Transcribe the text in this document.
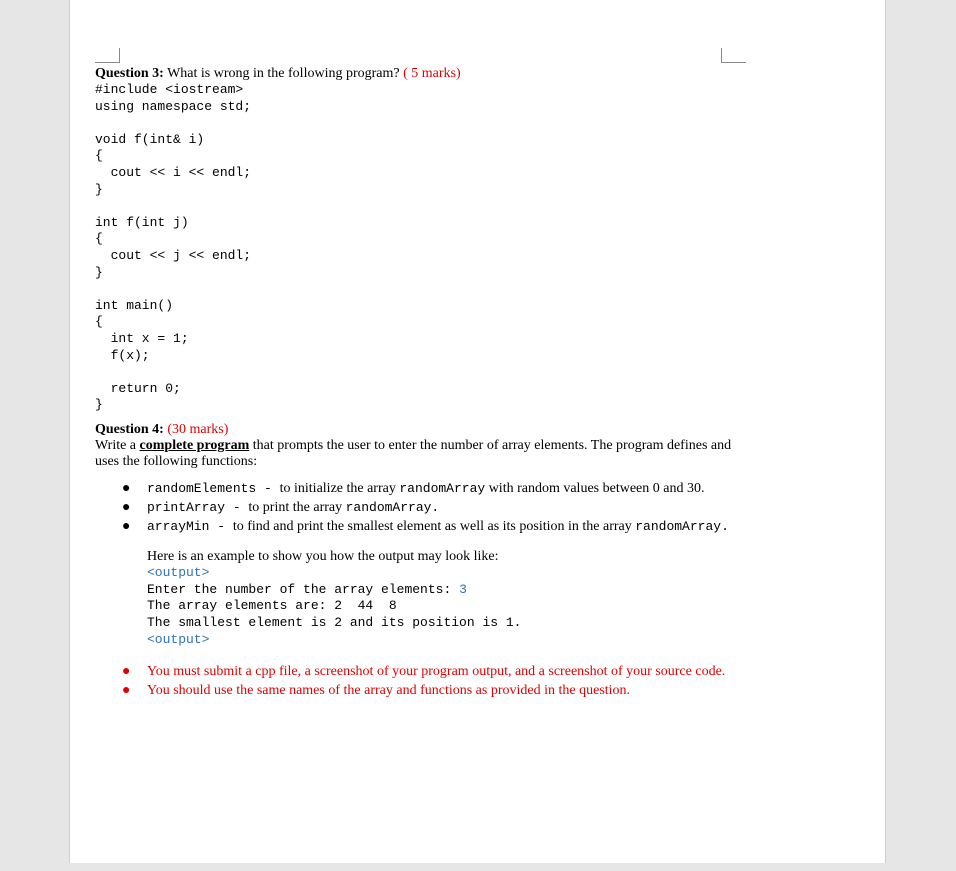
Question 3: What is wrong in the following program? ( 5 marks)

#include <iostream>
using namespace std;
void f(int& i)
{
cout << i << endl;
}
int f(int j)
{
cout << j << endl;
}
int main()
{
int x = 1;
f(x);
return 0;
}

Question 4: (30 marks)

Write a complete program that prompts the user to enter the number of array elements. The program defines and uses the following functions:

● randomElements - to initialize the array randomArray with random values between 0 and 30.
● printArray - to print the array randomArray.
● arrayMin - to find and print the smallest element as well as its position in the array randomArray.

Here is an example to show you how the output may look like:

<output>
Enter the number of the array elements: 3
The array elements are: 2  44  8
The smallest element is 2 and its position is 1.
<output>
● You must submit a cpp file, a screenshot of your program output, and a screenshot of your source code.
● You should use the same names of the array and functions as provided in the question.
